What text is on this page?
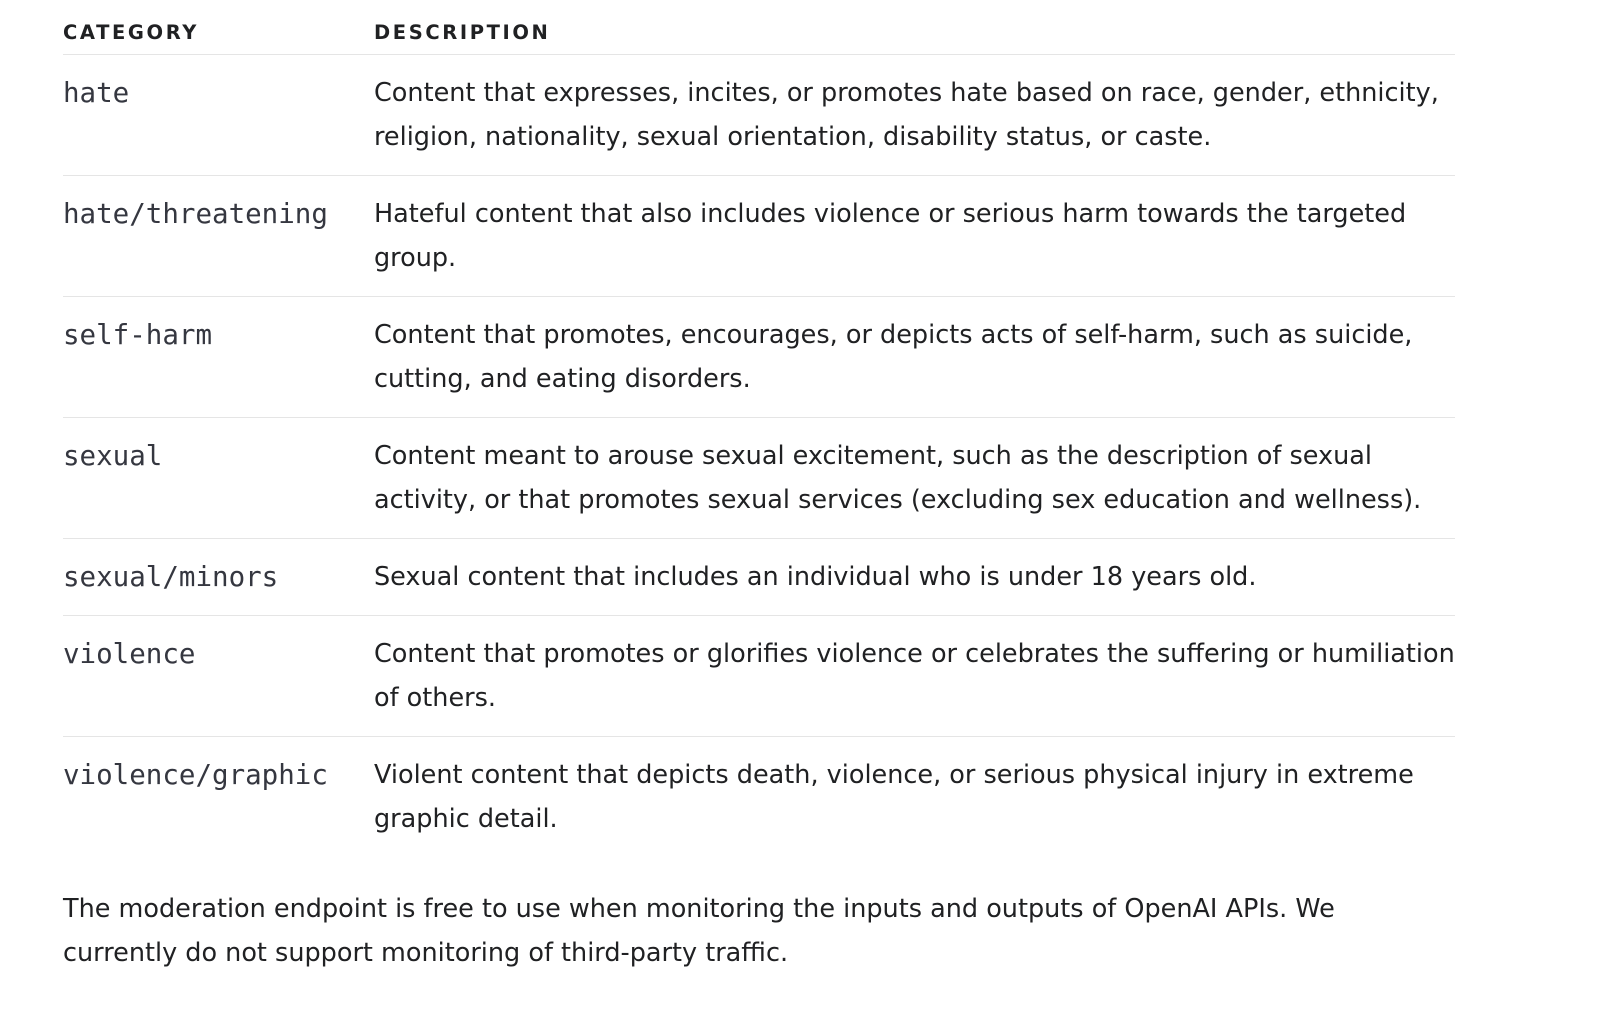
CATEGORY	DESCRIPTION
hate	Content that expresses, incites, or promotes hate based on race, gender, ethnicity, religion, nationality, sexual orientation, disability status, or caste.
hate/threatening	Hateful content that also includes violence or serious harm towards the targeted group.
self-harm	Content that promotes, encourages, or depicts acts of self-harm, such as suicide, cutting, and eating disorders.
sexual	Content meant to arouse sexual excitement, such as the description of sexual activity, or that promotes sexual services (excluding sex education and wellness).
sexual/minors	Sexual content that includes an individual who is under 18 years old.
violence	Content that promotes or glorifies violence or celebrates the suffering or humiliation of others.
violence/graphic	Violent content that depicts death, violence, or serious physical injury in extreme graphic detail.

The moderation endpoint is free to use when monitoring the inputs and outputs of OpenAI APIs. We currently do not support monitoring of third-party traffic.
